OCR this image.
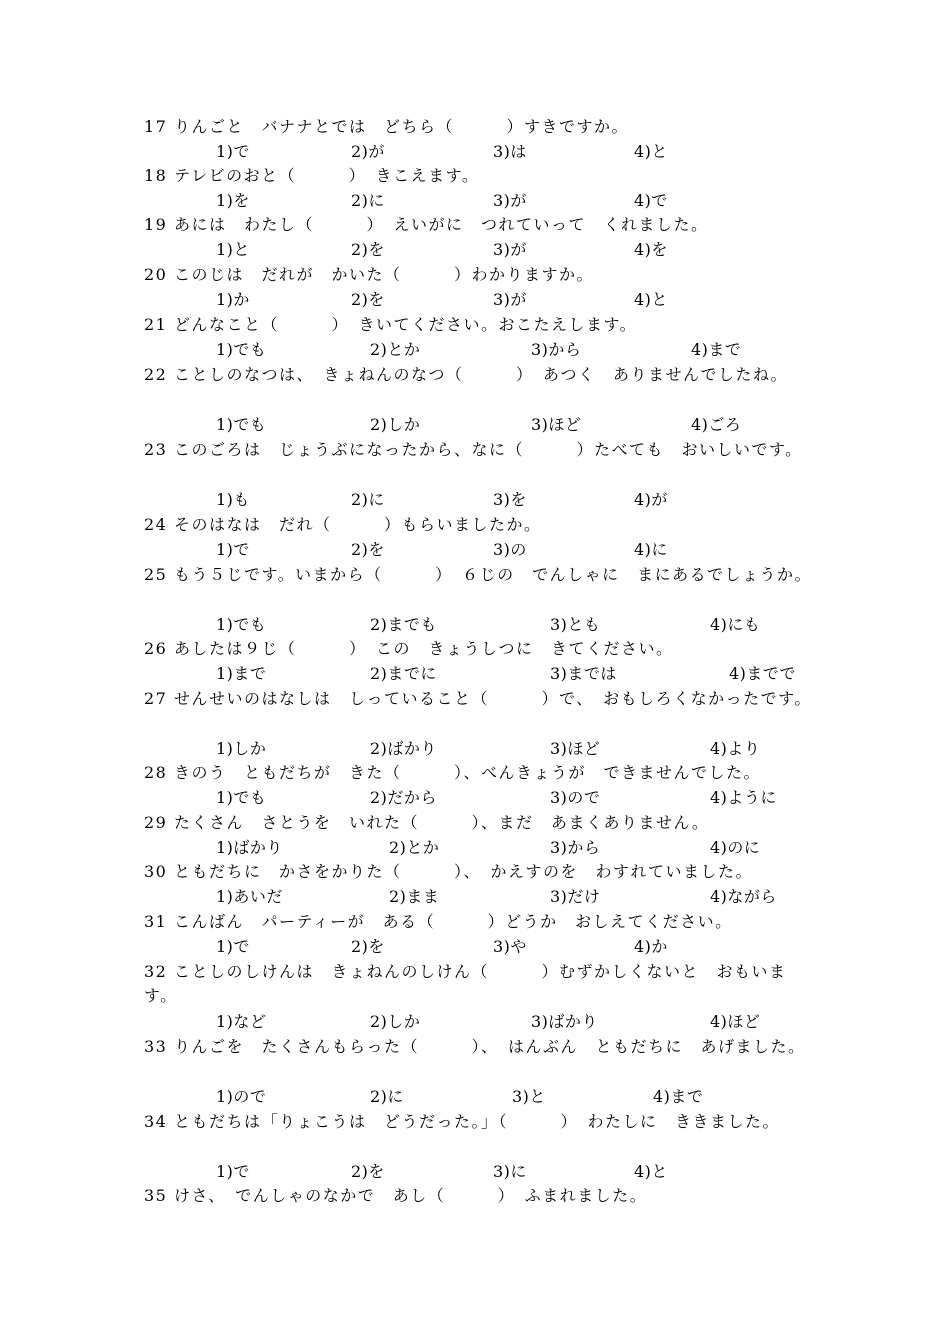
17 りんごと　バナナとでは　どちら（　　　）すきですか。
1)で	2)が	3)は	4)と
18 テレビのおと（　　　）　きこえます。
1)を	2)に	3)が	4)で
19 あには　わたし（　　　）　えいがに　つれていって　くれました。
1)と	2)を	3)が	4)を
20 このじは　だれが　かいた（　　　）わかりますか。
1)か	2)を	3)が	4)と
21 どんなこと（　　　）　きいてください。おこたえします。
1)でも	2)とか	3)から	4)まで
22 ことしのなつは、　きょねんのなつ（　　　）　あつく　ありませんでしたね。
1)でも	2)しか	3)ほど	4)ごろ
23 このごろは　じょうぶになったから、なに（　　　）たべても　おいしいです。
1)も	2)に	3)を	4)が
24 そのはなは　だれ（　　　）もらいましたか。
1)で	2)を	3)の	4)に
25 もう５じです。いまから（　　　）　６じの　でんしゃに　まにあるでしょうか。
1)でも	2)までも	3)とも	4)にも
26 あしたは９じ（　　　）　この　きょうしつに　きてください。
1)まで	2)までに	3)までは	4)までで
27 せんせいのはなしは　しっていること（　　　）で、　おもしろくなかったです。
1)しか	2)ばかり	3)ほど	4)より
28 きのう　ともだちが　きた（　　　）、べんきょうが　できませんでした。
1)でも	2)だから	3)ので	4)ように
29 たくさん　さとうを　いれた（　　　）、まだ　あまくありません。
1)ばかり	2)とか	3)から	4)のに
30 ともだちに　かさをかりた（　　　）、　かえすのを　わすれていました。
1)あいだ	2)まま	3)だけ	4)ながら
31 こんばん　パーティーが　ある（　　　）どうか　おしえてください。
1)で	2)を	3)や	4)か
32 ことしのしけんは　きょねんのしけん（　　　）むずかしくないと　おもいます。
1)など	2)しか	3)ばかり	4)ほど
33 りんごを　たくさんもらった（　　　）、　はんぶん　ともだちに　あげました。
1)ので	2)に	3)と	4)まで
34 ともだちは「りょこうは　どうだった。」（　　　）　わたしに　ききました。
1)で	2)を	3)に	4)と
35 けさ、　でんしゃのなかで　あし（　　　）　ふまれました。
